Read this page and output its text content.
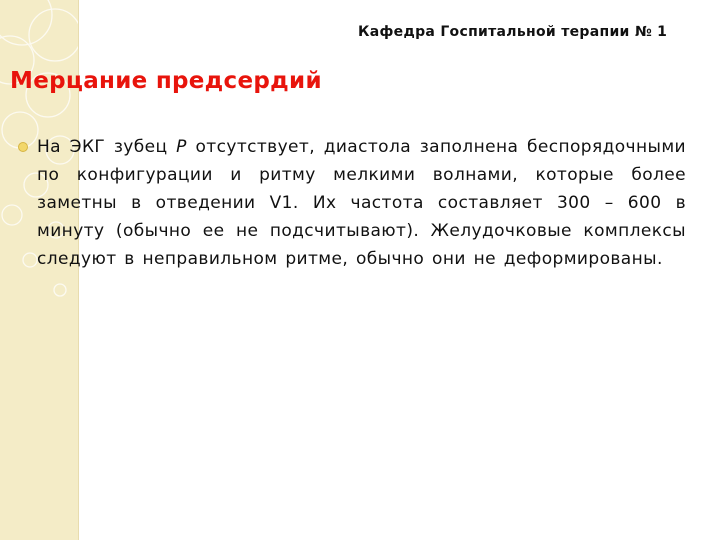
Кафедра Госпитальной терапии № 1
Мерцание предсердий

На ЭКГ зубец Р отсутствует, диастола заполнена беспорядочными по конфигурации и ритму мелкими волнами, которые более заметны в отведении V1. Их частота составляет 300 – 600 в минуту (обычно ее не подсчитывают). Желудочковые комплексы следуют в неправильном ритме, обычно они не деформированы.
